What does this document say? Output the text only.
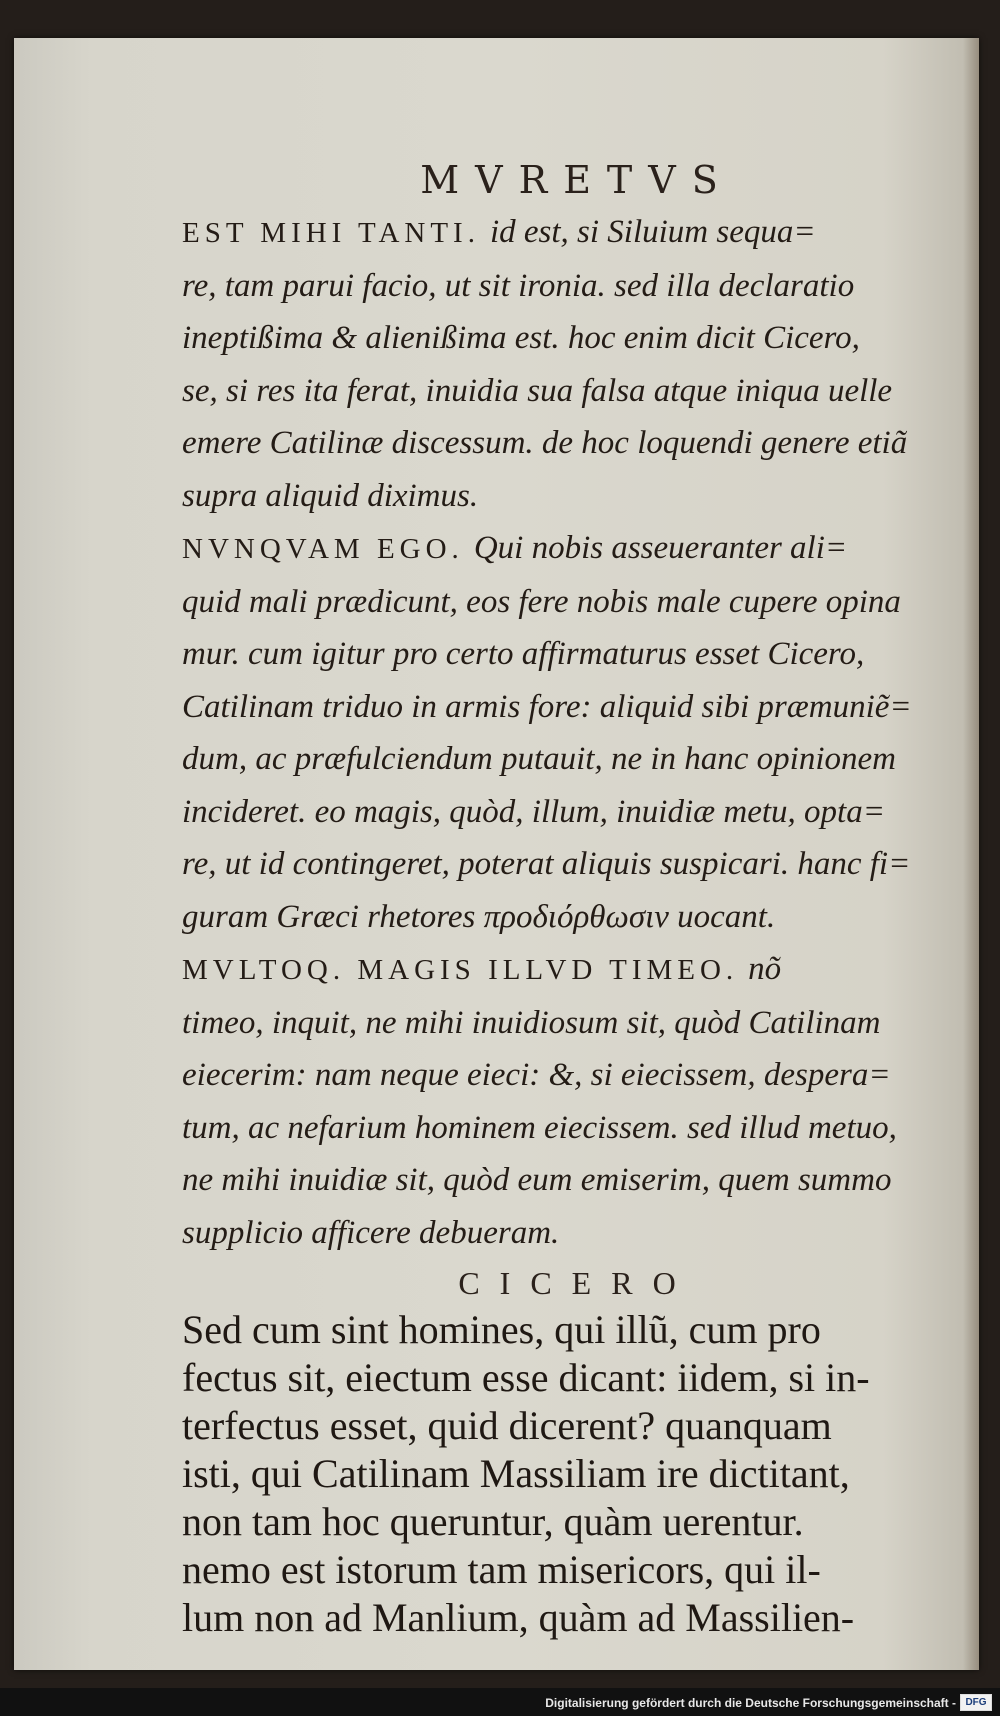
MVRETVS

EST MIHI TANTI. id est, si Siluium sequa=
re, tam parui facio, ut sit ironia. sed illa declaratio
ineptißima & alienißima est. hoc enim dicit Cicero,
se, si res ita ferat, inuidia sua falsa atque iniqua uelle
emere Catilinæ discessum. de hoc loquendi genere etiã
supra aliquid diximus.

NVNQVAM EGO. Qui nobis asseueranter ali=
quid mali prædicunt, eos fere nobis male cupere opina
mur. cum igitur pro certo affirmaturus esset Cicero,
Catilinam triduo in armis fore: aliquid sibi præmuniẽ=
dum, ac præfulciendum putauit, ne in hanc opinionem
incideret. eo magis, quòd, illum, inuidiæ metu, opta=
re, ut id contingeret, poterat aliquis suspicari. hanc fi=
guram Græci rhetores προδιόρθωσιν uocant.

MVLTOQ. MAGIS ILLVD TIMEO. nõ
timeo, inquit, ne mihi inuidiosum sit, quòd Catilinam
eiecerim: nam neque eieci: &, si eiecissem, despera=
tum, ac nefarium hominem eiecissem. sed illud metuo,
ne mihi inuidiæ sit, quòd eum emiserim, quem summo
supplicio afficere debueram.

CICERO

Sed cum sint homines, qui illũ, cum pro
fectus sit, eiectum esse dicant: iidem, si in-
terfectus esset, quid dicerent? quanquam
isti, qui Catilinam Massiliam ire dictitant,
non tam hoc queruntur, quàm uerentur.
nemo est istorum tam misericors, qui il-
lum non ad Manlium, quàm ad Massilien-

Digitalisierung gefördert durch die Deutsche Forschungsgemeinschaft - DFG
